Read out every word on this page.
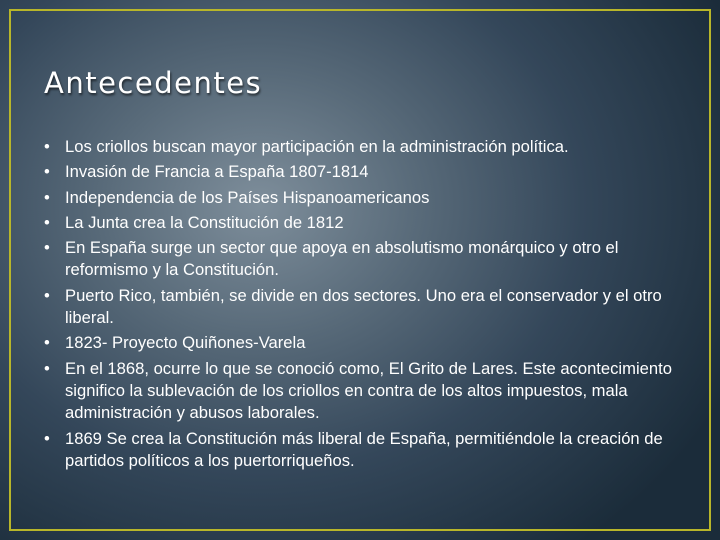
Antecedentes
• Los criollos buscan mayor participación en la administración política.
• Invasión de Francia a España 1807-1814
• Independencia de los Países Hispanoamericanos
• La Junta crea la Constitución de 1812
• En España surge un sector que apoya en absolutismo monárquico y otro el reformismo y la Constitución.
• Puerto Rico, también, se divide en dos sectores. Uno era el conservador y el otro liberal.
• 1823- Proyecto Quiñones-Varela
• En el 1868, ocurre lo que se conoció como, El Grito de Lares. Este acontecimiento significo la sublevación de los criollos en contra de los altos impuestos, mala administración y abusos laborales.
• 1869 Se crea la Constitución más liberal de España, permitiéndole la creación de partidos políticos a los puertorriqueños.
